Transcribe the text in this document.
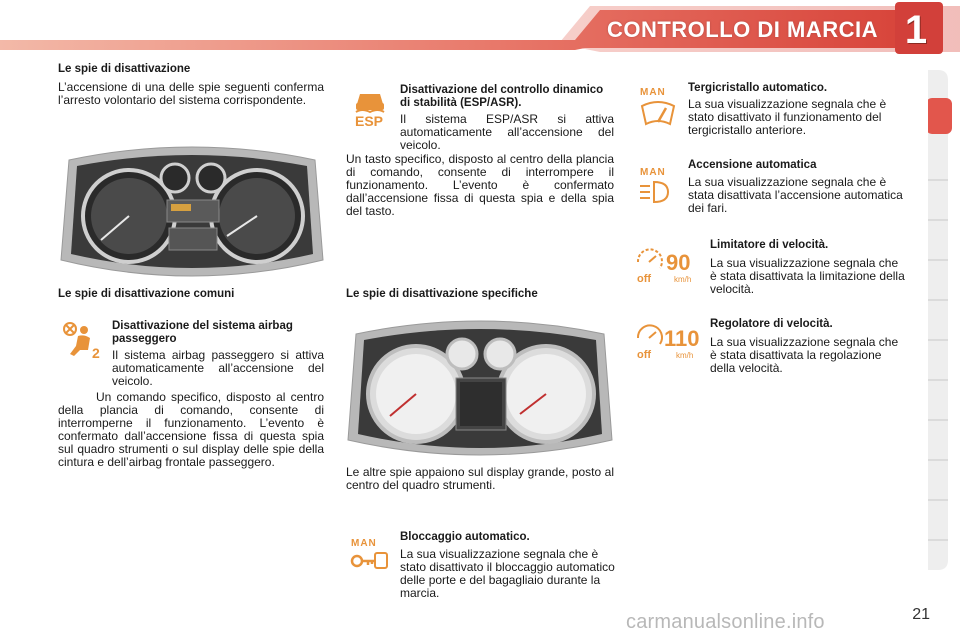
CONTROLLO DI MARCIA 1
Le spie di disattivazione
L’accensione di una delle spie seguenti conferma l’arresto volontario del sistema corrispondente.
Le spie di disattivazione comuni
2
Disattivazione del sistema airbag passeggero
Il sistema airbag passeggero si attiva automaticamente all’accensione del veicolo.
Un comando specifico, disposto al centro della plancia di comando, consente di interromperne il funzionamento. L’evento è confermato dall’accensione fissa di questa spia sul quadro strumenti o sul display delle spie della cintura e dell’airbag frontale passeggero.
ESP
Disattivazione del controllo dinamico di stabilità (ESP/ASR).
Il sistema ESP/ASR si attiva automaticamente all’accensione del veicolo.
Un tasto specifico, disposto al centro della plancia di comando, consente di interrompere il funzionamento. L’evento è confermato dall’accensione fissa di questa spia e della spia del tasto.
Le spie di disattivazione specifiche
Le altre spie appaiono sul display grande, posto al centro del quadro strumenti.
MAN
Bloccaggio automatico.
La sua visualizzazione segnala che è stato disattivato il bloccaggio automatico delle porte e del bagagliaio durante la marcia.
MAN Tergicristallo automatico.
La sua visualizzazione segnala che è stato disattivato il funzionamento del tergicristallo anteriore.
MAN
Accensione automatica
La sua visualizzazione segnala che è stata disattivata l’accensione automatica dei fari.
off
90
km/h
Limitatore di velocità.
La sua visualizzazione segnala che è stata disattivata la limitazione della velocità.
off
110
km/h
Regolatore di velocità.
La sua visualizzazione segnala che è stata disattivata la regolazione della velocità.
21
carmanualsonline.info
